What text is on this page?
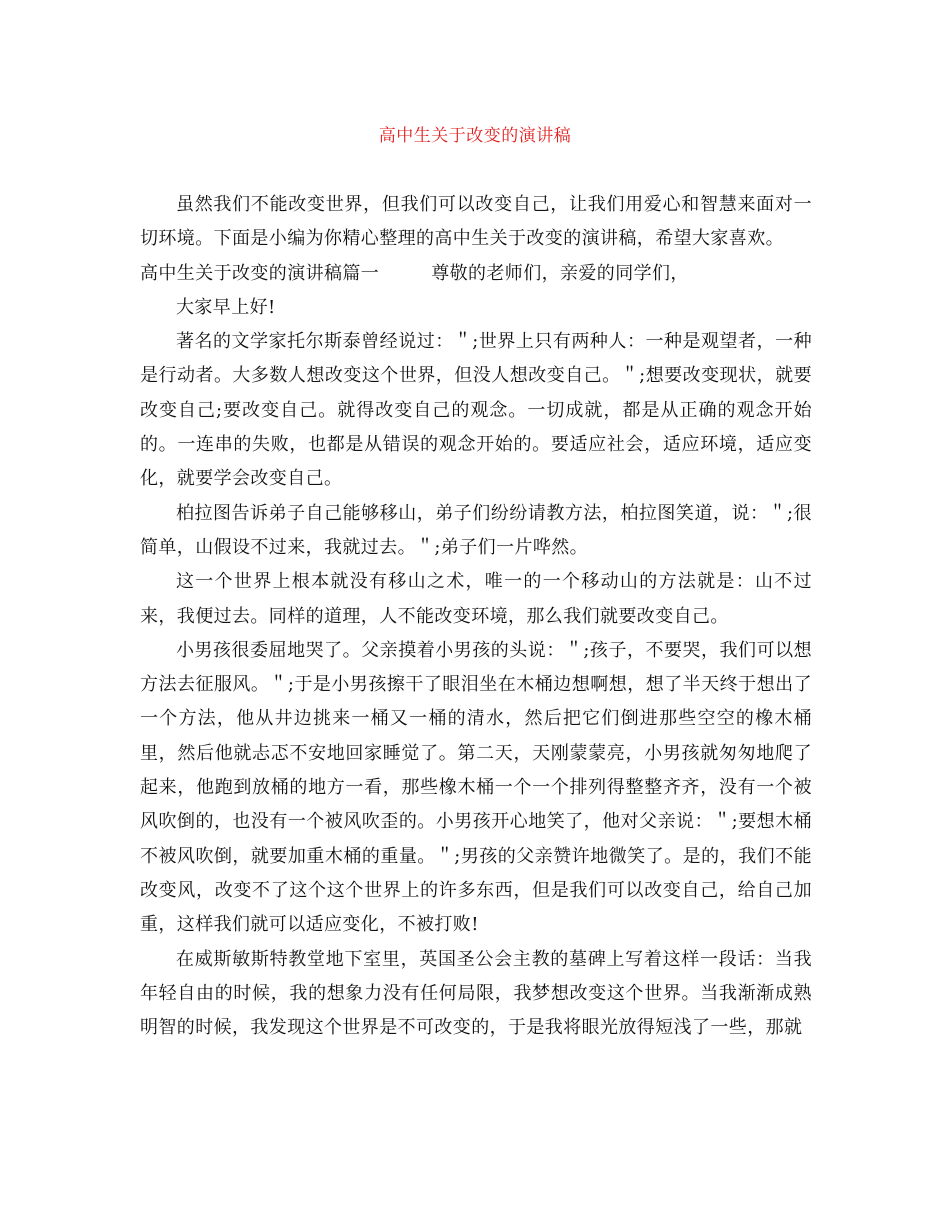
高中生关于改变的演讲稿

虽然我们不能改变世界，但我们可以改变自己，让我们用爱心和智慧来面对一切环境。下面是小编为你精心整理的高中生关于改变的演讲稿，希望大家喜欢。

高中生关于改变的演讲稿篇一	尊敬的老师们，亲爱的同学们，

大家早上好!

著名的文学家托尔斯泰曾经说过：＂;世界上只有两种人：一种是观望者，一种是行动者。大多数人想改变这个世界，但没人想改变自己。＂;想要改变现状，就要改变自己;要改变自己。就得改变自己的观念。一切成就，都是从正确的观念开始的。一连串的失败，也都是从错误的观念开始的。要适应社会，适应环境，适应变化，就要学会改变自己。

柏拉图告诉弟子自己能够移山，弟子们纷纷请教方法，柏拉图笑道，说：＂;很简单，山假设不过来，我就过去。＂;弟子们一片哗然。

这一个世界上根本就没有移山之术，唯一的一个移动山的方法就是：山不过来，我便过去。同样的道理，人不能改变环境，那么我们就要改变自己。

小男孩很委屈地哭了。父亲摸着小男孩的头说：＂;孩子，不要哭，我们可以想方法去征服风。＂;于是小男孩擦干了眼泪坐在木桶边想啊想，想了半天终于想出了一个方法，他从井边挑来一桶又一桶的清水，然后把它们倒进那些空空的橡木桶里，然后他就忐忑不安地回家睡觉了。第二天，天刚蒙蒙亮，小男孩就匆匆地爬了起来，他跑到放桶的地方一看，那些橡木桶一个一个排列得整整齐齐，没有一个被风吹倒的，也没有一个被风吹歪的。小男孩开心地笑了，他对父亲说：＂;要想木桶不被风吹倒，就要加重木桶的重量。＂;男孩的父亲赞许地微笑了。是的，我们不能改变风，改变不了这个这个世界上的许多东西，但是我们可以改变自己，给自己加重，这样我们就可以适应变化，不被打败!

在威斯敏斯特教堂地下室里，英国圣公会主教的墓碑上写着这样一段话：当我年轻自由的时候，我的想象力没有任何局限，我梦想改变这个世界。当我渐渐成熟明智的时候，我发现这个世界是不可改变的，于是我将眼光放得短浅了一些，那就
